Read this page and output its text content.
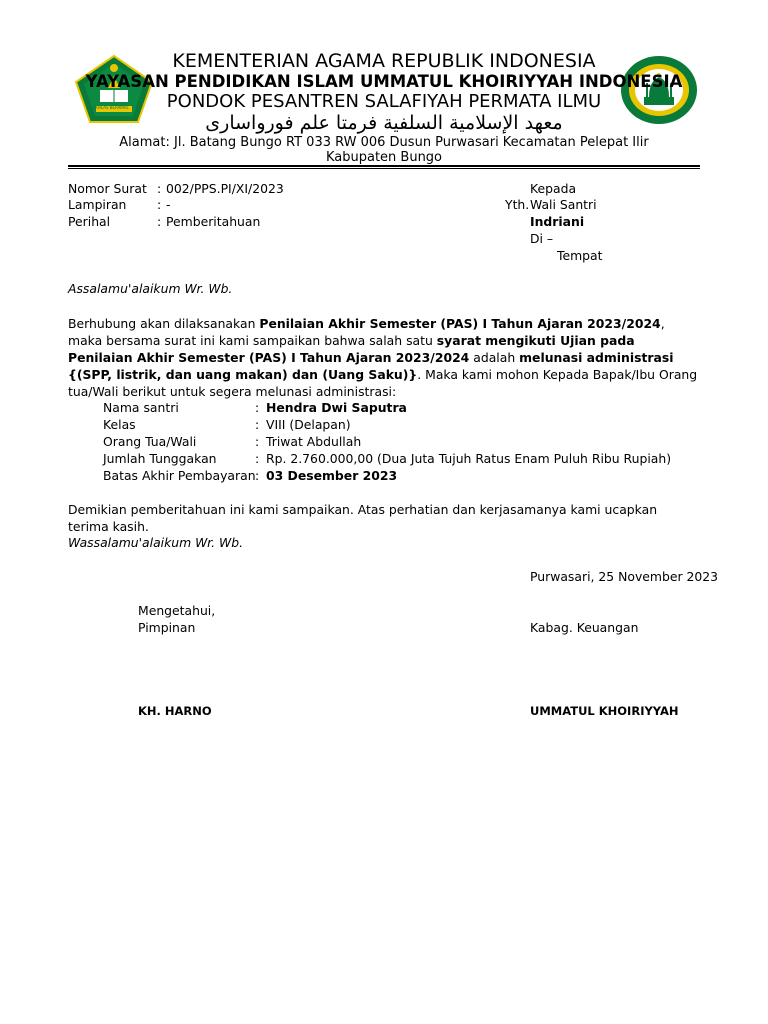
IKHLAS BERAMAL
KEMENTERIAN AGAMA REPUBLIK INDONESIA
YAYASAN PENDIDIKAN ISLAM UMMATUL KHOIRIYYAH INDONESIA
PONDOK PESANTREN SALAFIYAH PERMATA ILMU
معهد الإسلامية السلفية فرمتا علم فورواسارى
Alamat: Jl. Batang Bungo RT 033 RW 006 Dusun Purwasari Kecamatan Pelepat Ilir
Kabupaten Bungo
Nomor Surat : 002/PPS.PI/XI/2023
Lampiran : -
Perihal	: Pemberitahuan
Kepada
Yth. Wali Santri
Indriani
Di –
Tempat
Assalamu'alaikum Wr. Wb.
Berhubung akan dilaksanakan Penilaian Akhir Semester (PAS) I Tahun Ajaran 2023/2024, maka bersama surat ini kami sampaikan bahwa salah satu syarat mengikuti Ujian pada Penilaian Akhir Semester (PAS) I Tahun Ajaran 2023/2024 adalah melunasi administrasi {(SPP, listrik, dan uang makan) dan (Uang Saku)}. Maka kami mohon Kepada Bapak/Ibu Orang tua/Wali berikut untuk segera melunasi administrasi:
Nama santri	: Hendra Dwi Saputra
Kelas	: VIII (Delapan)
Orang Tua/Wali	: Triwat Abdullah
Jumlah Tunggakan	: Rp. 2.760.000,00 (Dua Juta Tujuh Ratus Enam Puluh Ribu Rupiah)
Batas Akhir Pembayaran : 03 Desember 2023
Demikian pemberitahuan ini kami sampaikan. Atas perhatian dan kerjasamanya kami ucapkan terima kasih.
Wassalamu'alaikum Wr. Wb.
Purwasari, 25 November 2023
Mengetahui,
Pimpinan	Kabag. Keuangan
KH. HARNO	UMMATUL KHOIRIYYAH
